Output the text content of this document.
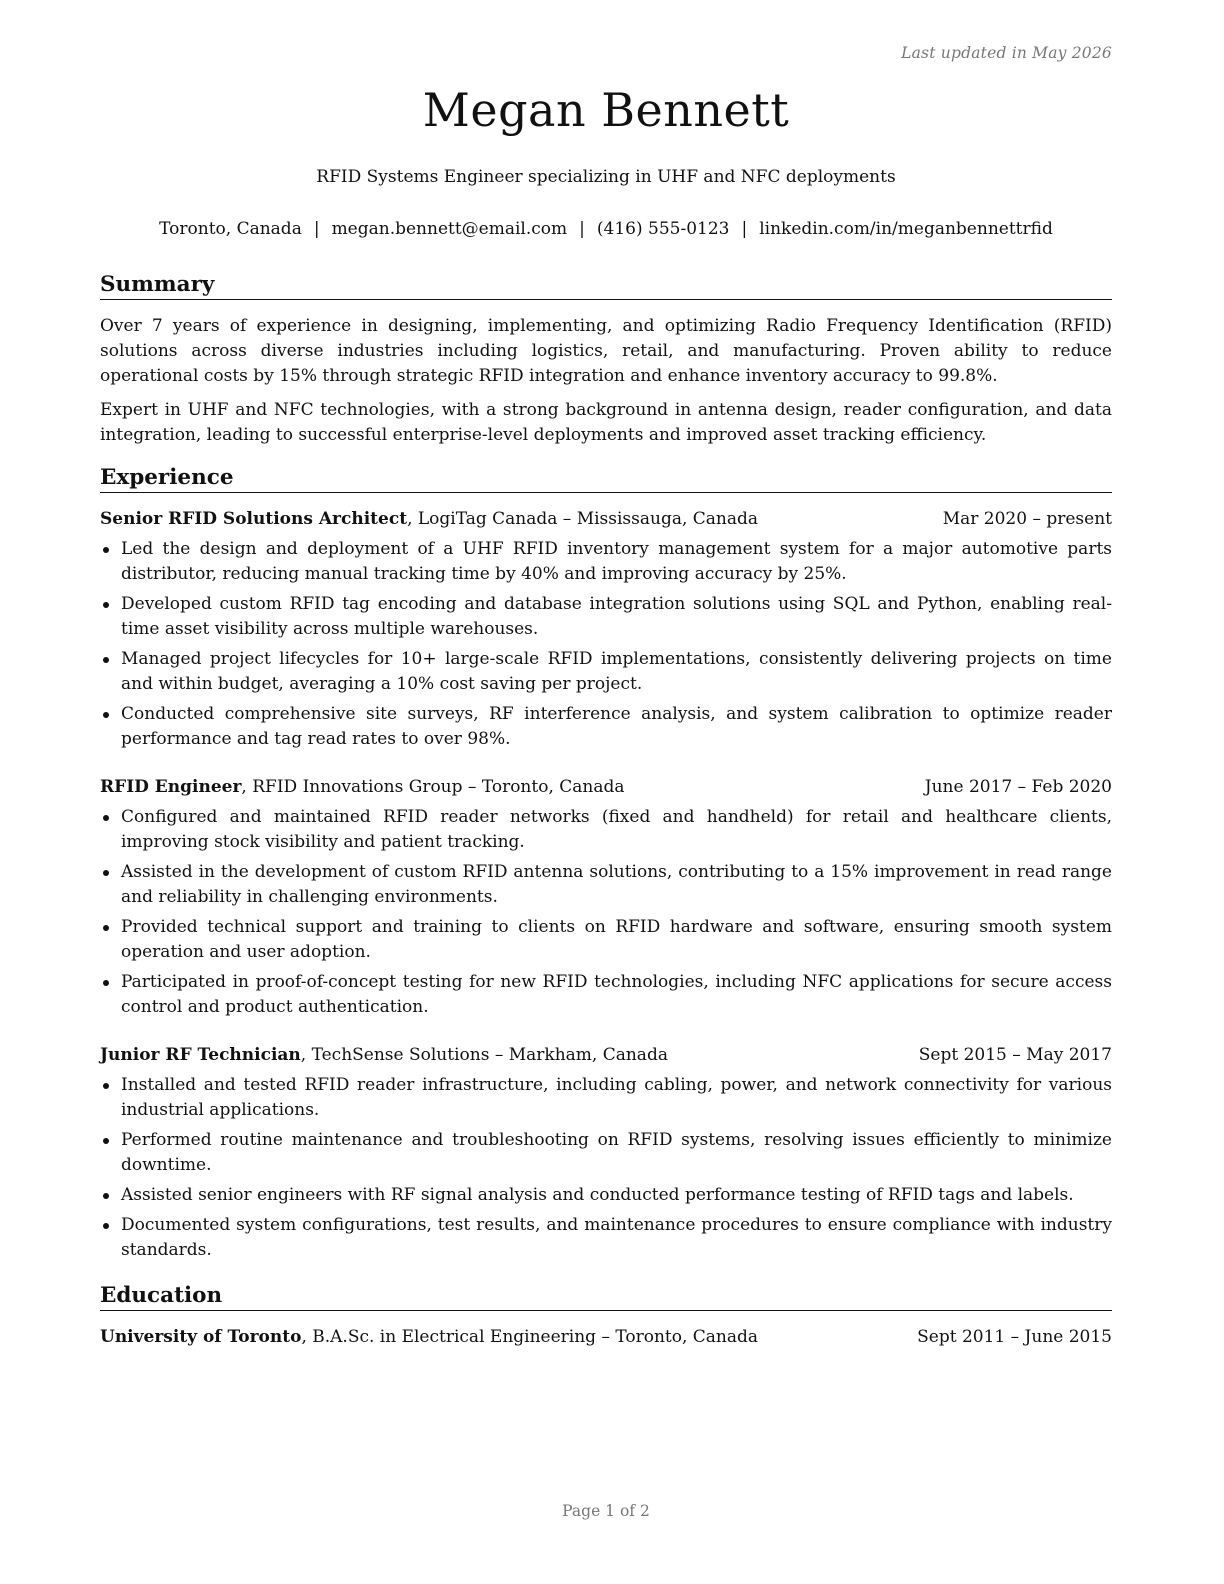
Last updated in May 2026
Megan Bennett
RFID Systems Engineer specializing in UHF and NFC deployments
Toronto, Canada | megan.bennett@email.com | (416) 555-0123 | linkedin.com/in/meganbennettrfid
Summary
Over 7 years of experience in designing, implementing, and optimizing Radio Frequency Identification (RFID) solutions across diverse industries including logistics, retail, and manufacturing. Proven ability to reduce operational costs by 15% through strategic RFID integration and enhance inventory accuracy to 99.8%.
Expert in UHF and NFC technologies, with a strong background in antenna design, reader configuration, and data integration, leading to successful enterprise-level deployments and improved asset tracking efficiency.
Experience
Senior RFID Solutions Architect, LogiTag Canada – Mississauga, Canada	Mar 2020 – present
Led the design and deployment of a UHF RFID inventory management system for a major automotive parts distributor, reducing manual tracking time by 40% and improving accuracy by 25%.
Developed custom RFID tag encoding and database integration solutions using SQL and Python, enabling real-time asset visibility across multiple warehouses.
Managed project lifecycles for 10+ large-scale RFID implementations, consistently delivering projects on time and within budget, averaging a 10% cost saving per project.
Conducted comprehensive site surveys, RF interference analysis, and system calibration to optimize reader performance and tag read rates to over 98%.
RFID Engineer, RFID Innovations Group – Toronto, Canada	June 2017 – Feb 2020
Configured and maintained RFID reader networks (fixed and handheld) for retail and healthcare clients, improving stock visibility and patient tracking.
Assisted in the development of custom RFID antenna solutions, contributing to a 15% improvement in read range and reliability in challenging environments.
Provided technical support and training to clients on RFID hardware and software, ensuring smooth system operation and user adoption.
Participated in proof-of-concept testing for new RFID technologies, including NFC applications for secure access control and product authentication.
Junior RF Technician, TechSense Solutions – Markham, Canada	Sept 2015 – May 2017
Installed and tested RFID reader infrastructure, including cabling, power, and network connectivity for various industrial applications.
Performed routine maintenance and troubleshooting on RFID systems, resolving issues efficiently to minimize downtime.
Assisted senior engineers with RF signal analysis and conducted performance testing of RFID tags and labels.
Documented system configurations, test results, and maintenance procedures to ensure compliance with industry standards.
Education
University of Toronto, B.A.Sc. in Electrical Engineering – Toronto, Canada	Sept 2011 – June 2015
Page 1 of 2
